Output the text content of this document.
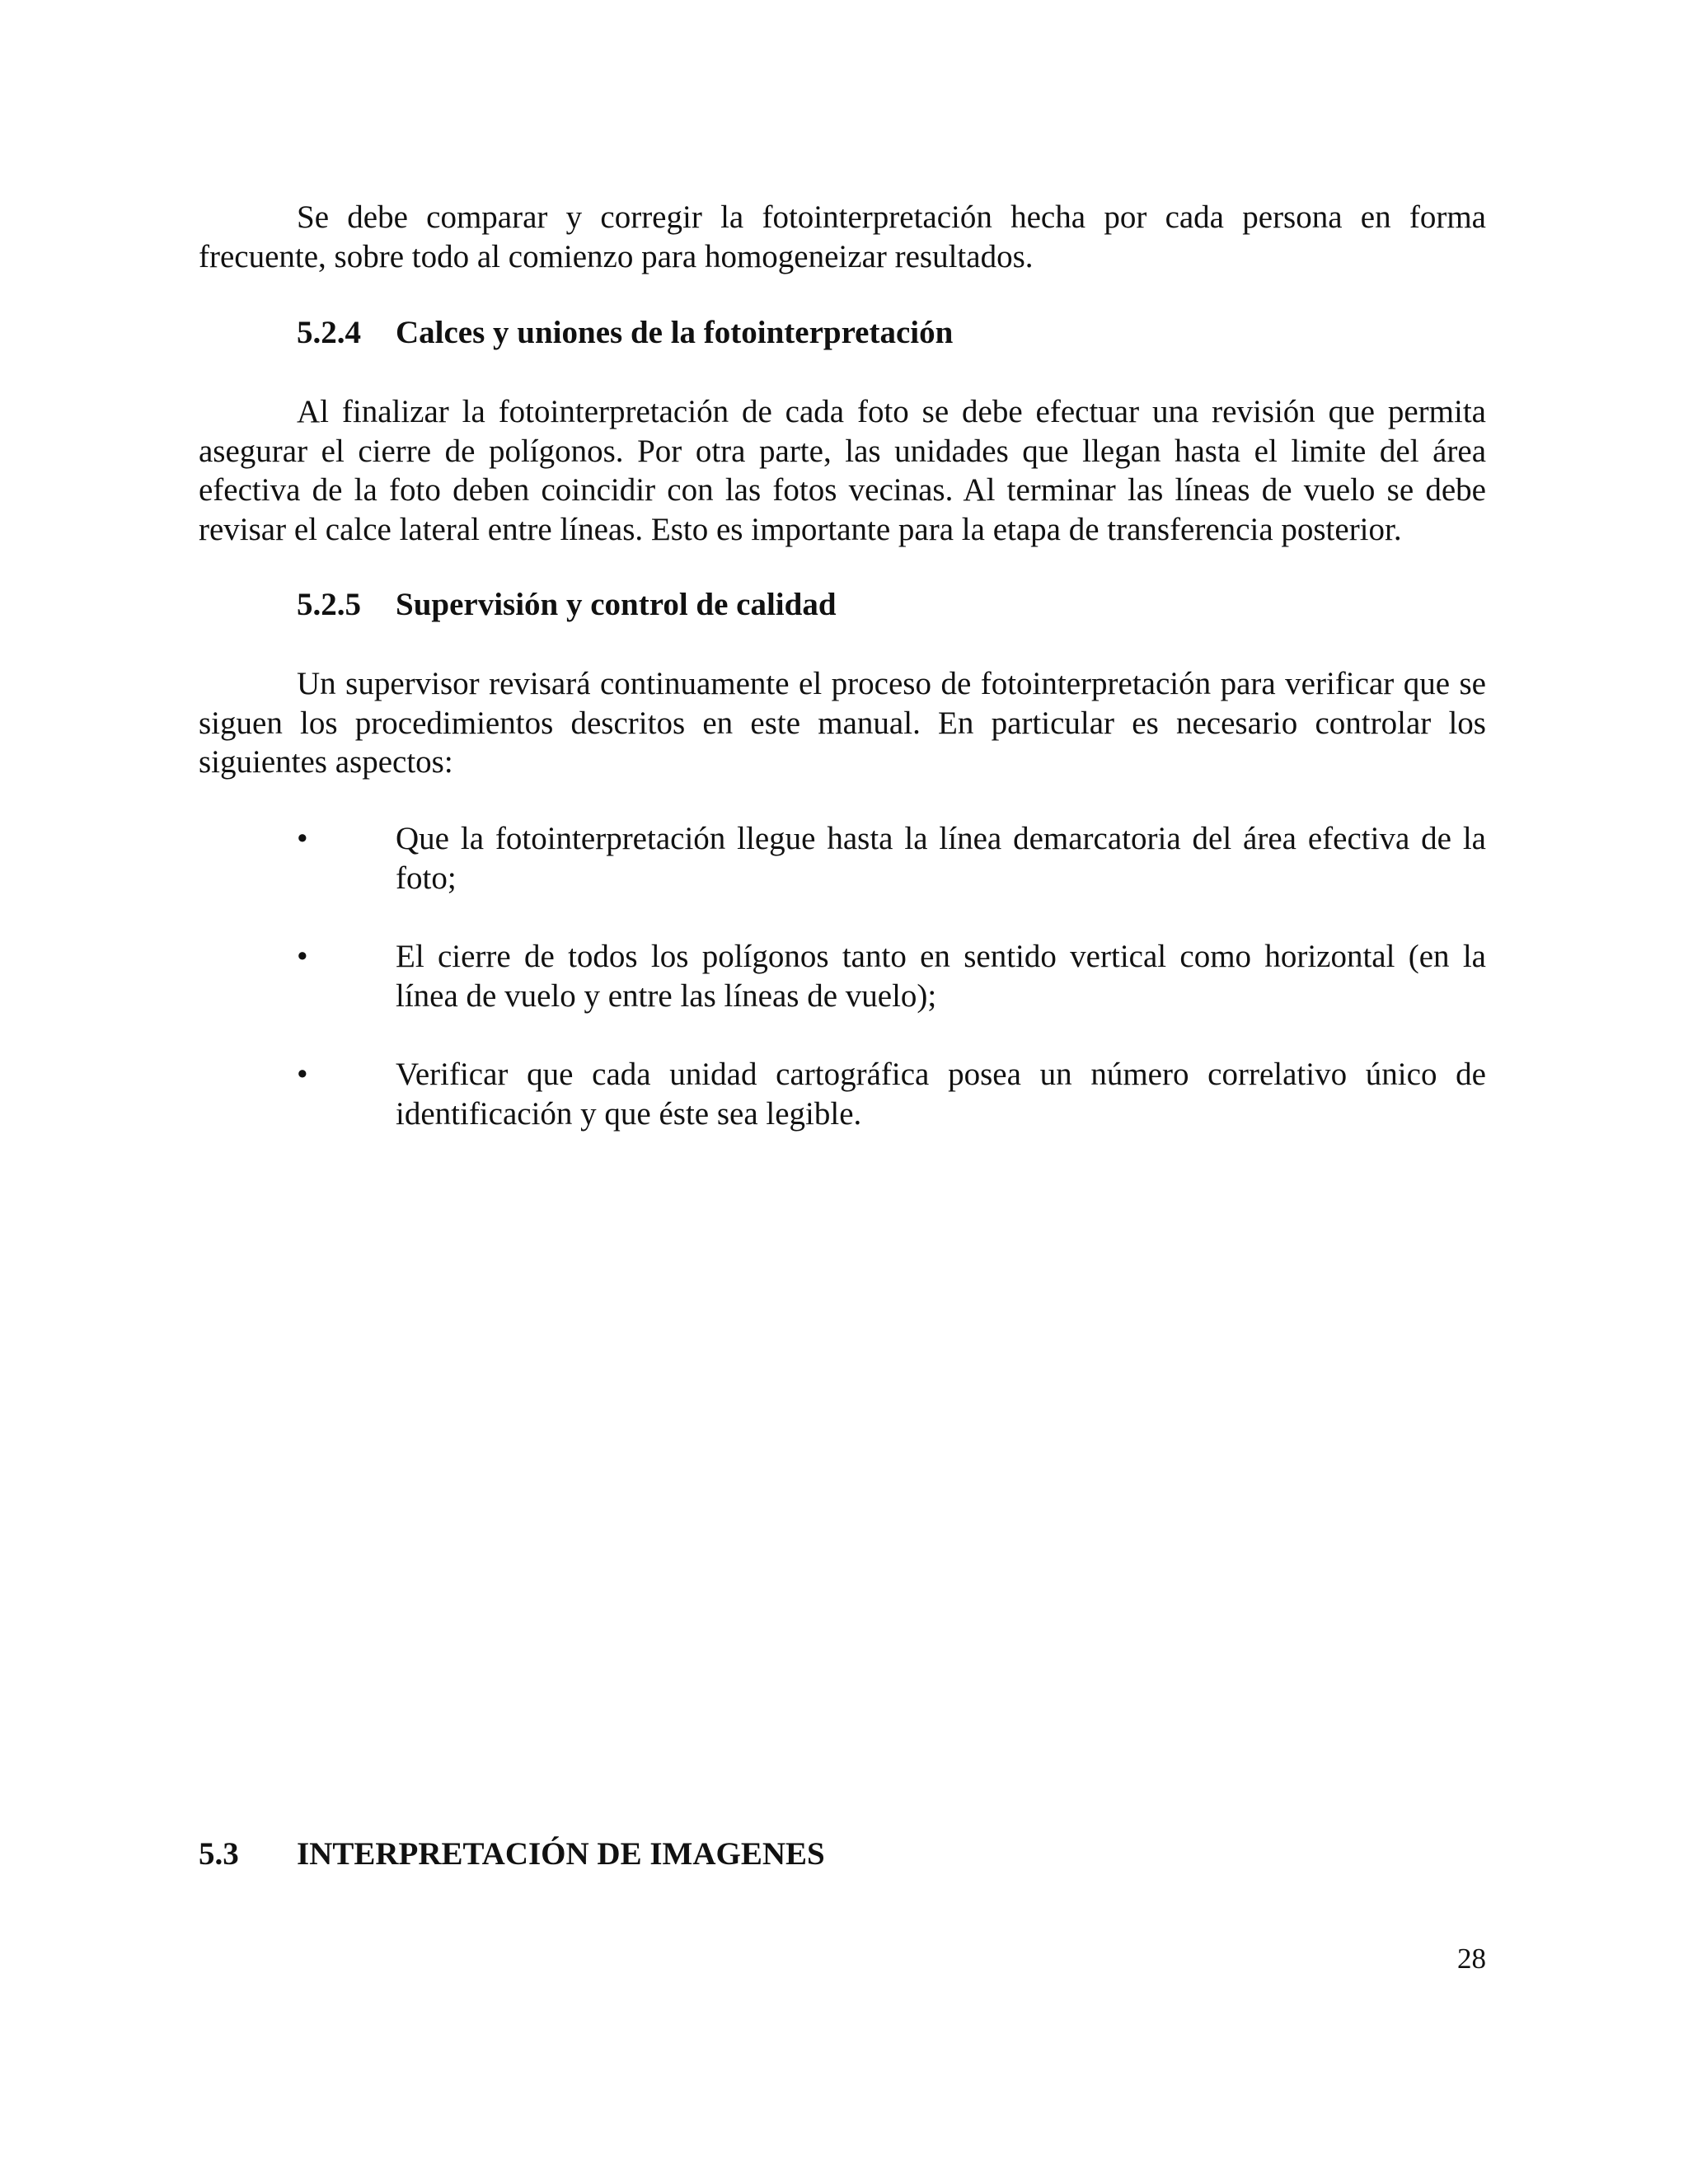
Se debe comparar y corregir la fotointerpretación hecha por cada persona en forma frecuente, sobre todo al comienzo para homogeneizar resultados.

5.2.4 Calces y uniones de la fotointerpretación

Al finalizar la fotointerpretación de cada foto se debe efectuar una revisión que permita asegurar el cierre de polígonos. Por otra parte, las unidades que llegan hasta el limite del área efectiva de la foto deben coincidir con las fotos vecinas. Al terminar las líneas de vuelo se debe revisar el calce lateral entre líneas. Esto es importante para la etapa de transferencia posterior.

5.2.5 Supervisión y control de calidad

Un supervisor revisará continuamente el proceso de fotointerpretación para verificar que se siguen los procedimientos descritos en este manual. En particular es necesario controlar los siguientes aspectos:

•	Que la fotointerpretación llegue hasta la línea demarcatoria del área efectiva de la foto;
•	El cierre de todos los polígonos tanto en sentido vertical como horizontal (en la línea de vuelo y entre las líneas de vuelo);
•	Verificar que cada unidad cartográfica posea un número correlativo único de identificación y que éste sea legible.
5.3 INTERPRETACIÓN DE IMAGENES
28
